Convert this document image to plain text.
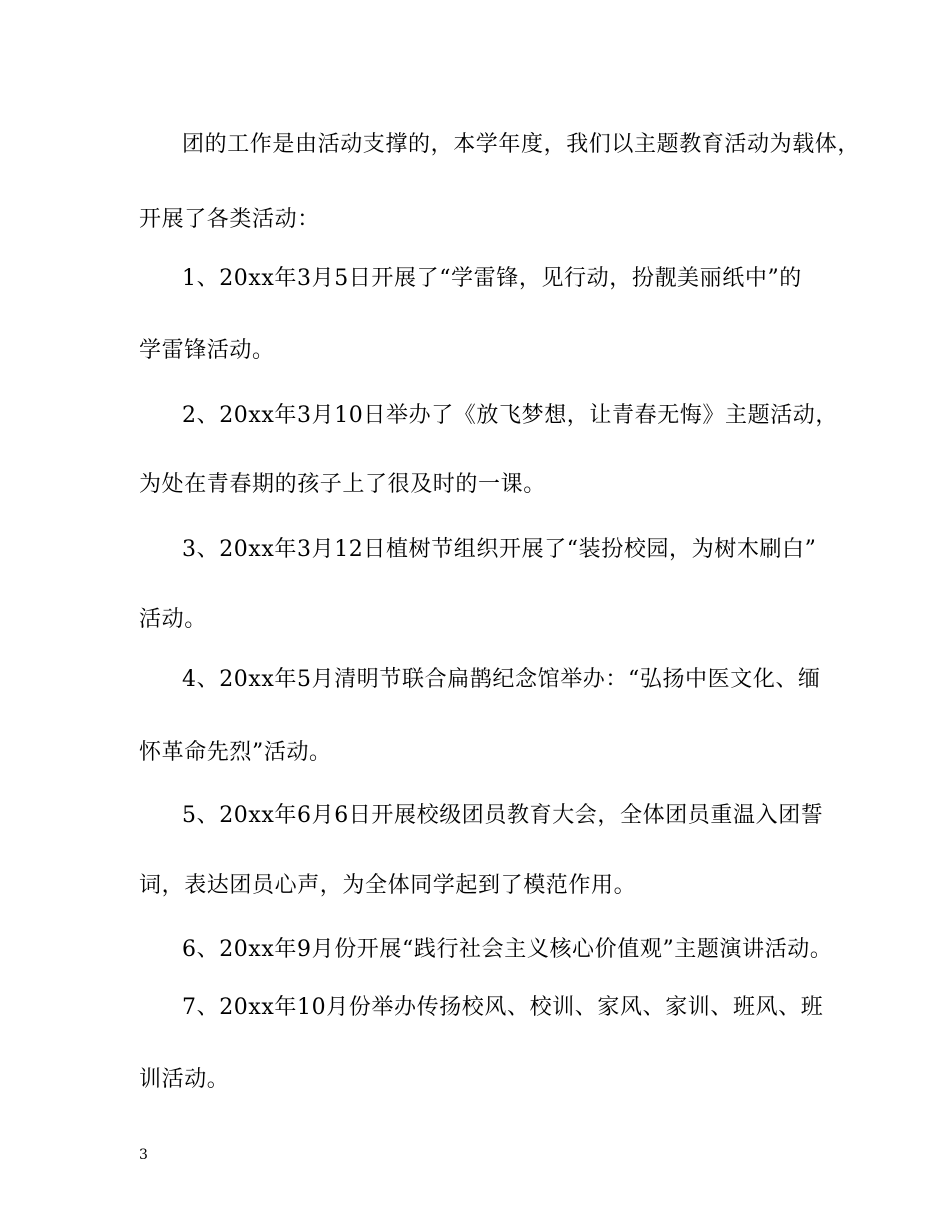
团的工作是由活动支撑的，本学年度，我们以主题教育活动为载体，
开展了各类活动：
1、20xx年3月5日开展了“学雷锋，见行动，扮靓美丽纸中”的
学雷锋活动。
2、20xx年3月10日举办了《放飞梦想，让青春无悔》主题活动，
为处在青春期的孩子上了很及时的一课。
3、20xx年3月12日植树节组织开展了“装扮校园，为树木刷白”
活动。
4、20xx年5月清明节联合扁鹊纪念馆举办：“弘扬中医文化、缅
怀革命先烈”活动。
5、20xx年6月6日开展校级团员教育大会，全体团员重温入团誓
词，表达团员心声，为全体同学起到了模范作用。
6、20xx年9月份开展“践行社会主义核心价值观”主题演讲活动。
7、20xx年10月份举办传扬校风、校训、家风、家训、班风、班
训活动。
3
